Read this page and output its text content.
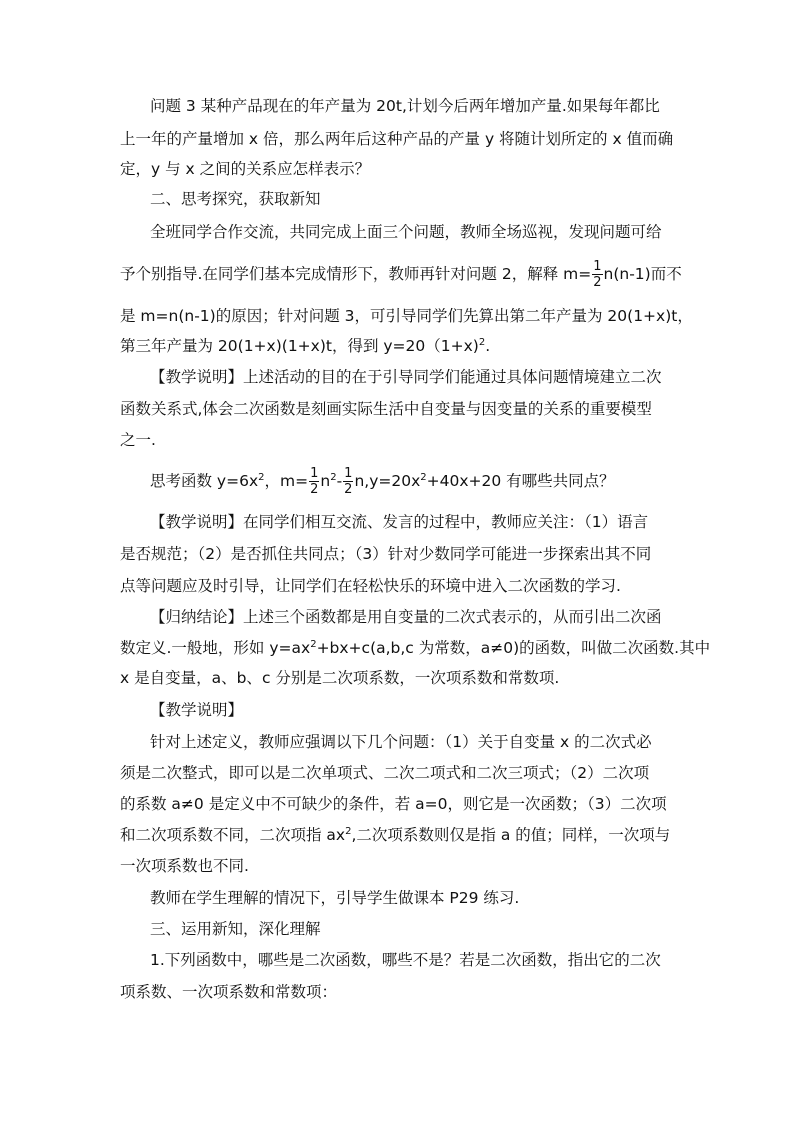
问题 3 某种产品现在的年产量为 20t,计划今后两年增加产量.如果每年都比
上一年的产量增加 x 倍，那么两年后这种产品的产量 y 将随计划所定的 x 值而确
定，y 与 x 之间的关系应怎样表示？
二、思考探究，获取新知
全班同学合作交流，共同完成上面三个问题，教师全场巡视，发现问题可给
予个别指导.在同学们基本完成情形下，教师再针对问题 2，解释 $m= \frac{1}{2} n(n-1)$而不
是 m=n(n-1)的原因；针对问题 3，可引导同学们先算出第二年产量为 20(1+x)t，
第三年产量为 20(1+x)(1+x)t，得到 y=20（1+x)$^2$.
【教学说明】上述活动的目的在于引导同学们能通过具体问题情境建立二次
函数关系式,体会二次函数是刻画实际生活中自变量与因变量的关系的重要模型
之一.
思考函数 $y=6x^2$，$m= \frac{1}{2} n^2- \frac{1}{2} n,y=20x^2+40x+20$ 有哪些共同点？
【教学说明】在同学们相互交流、发言的过程中，教师应关注：（1）语言
是否规范；（2）是否抓住共同点；（3）针对少数同学可能进一步探索出其不同
点等问题应及时引导，让同学们在轻松快乐的环境中进入二次函数的学习.
【归纳结论】上述三个函数都是用自变量的二次式表示的，从而引出二次函
数定义.一般地，形如 $y=ax^2+bx+c(a,b,c$ 为常数，a≠0)的函数，叫做二次函数.其中
x 是自变量，a、b、c 分别是二次项系数，一次项系数和常数项.
【教学说明】
针对上述定义，教师应强调以下几个问题：（1）关于自变量 x 的二次式必
须是二次整式，即可以是二次单项式、二次二项式和二次三项式；（2）二次项
的系数 a≠0 是定义中不可缺少的条件，若 a=0，则它是一次函数；（3）二次项
和二次项系数不同，二次项指 $ax^2$,二次项系数则仅是指 a 的值；同样，一次项与
一次项系数也不同.
教师在学生理解的情况下，引导学生做课本 P29 练习.
三、运用新知，深化理解
1.下列函数中，哪些是二次函数，哪些不是？若是二次函数，指出它的二次
项系数、一次项系数和常数项：
